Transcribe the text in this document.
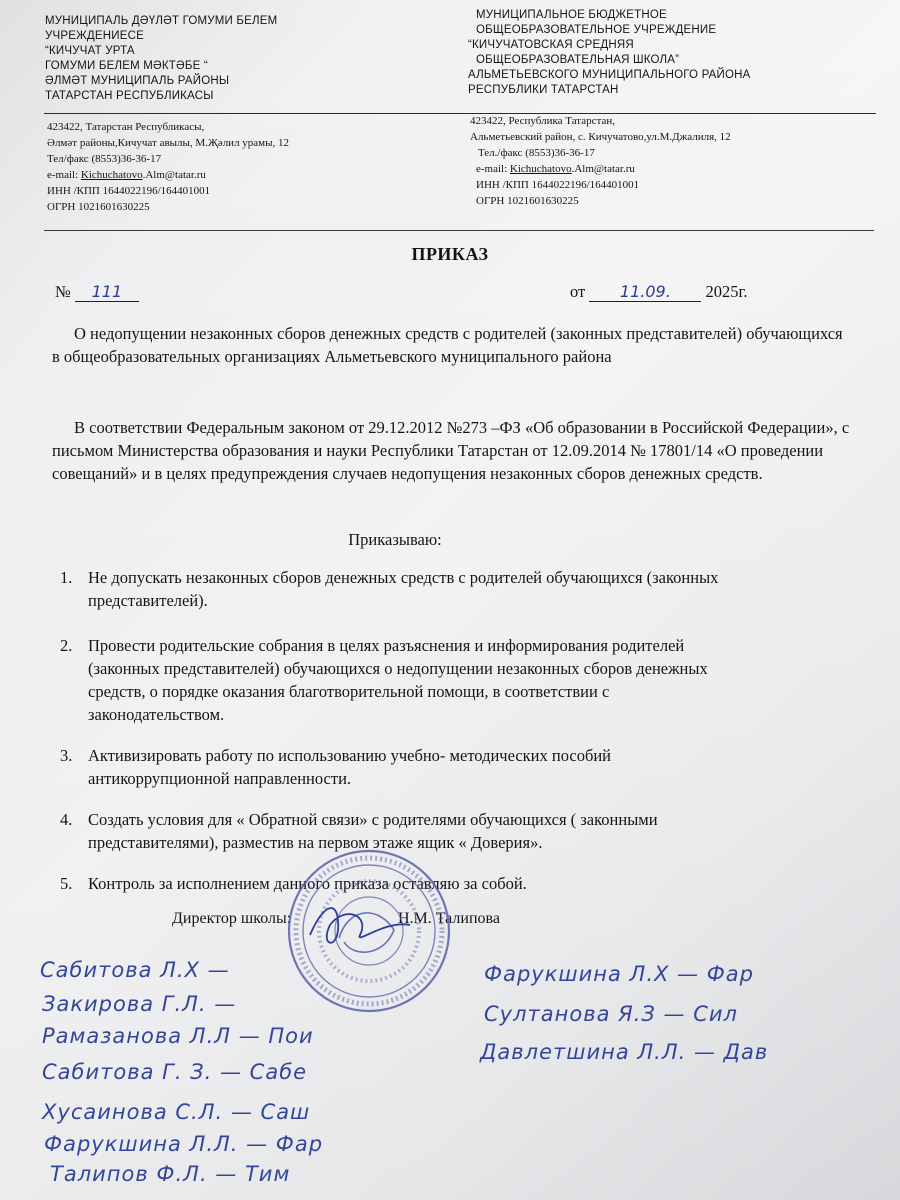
МУНИЦИПАЛЬ ДӘҮЛӘТ ГОМУМИ БЕЛЕМ
УЧРЕЖДЕНИЕСЕ
“КИЧУЧАТ УРТА
ГОМУМИ БЕЛЕМ МӘКТӘБЕ “
ӘЛМӘТ МУНИЦИПАЛЬ РАЙОНЫ
ТАТАРСТАН РЕСПУБЛИКАСЫ
МУНИЦИПАЛЬНОЕ БЮДЖЕТНОЕ
ОБЩЕОБРАЗОВАТЕЛЬНОЕ УЧРЕЖДЕНИЕ
“КИЧУЧАТОВСКАЯ СРЕДНЯЯ
ОБЩЕОБРАЗОВАТЕЛЬНАЯ ШКОЛА”
АЛЬМЕТЬЕВСКОГО МУНИЦИПАЛЬНОГО РАЙОНА
РЕСПУБЛИКИ ТАТАРСТАН
423422, Татарстан Республикасы,
Әлмәт районы,Кичучат авылы, М.Җәлил урамы, 12
Тел/факс (8553)36-36-17
e-mail: Kichuchatovo.Alm@tatar.ru
ИНН /КПП 1644022196/164401001
ОГРН 1021601630225
423422, Республика Татарстан,
Альметьевский район, с. Кичучатово,ул.М.Джалиля, 12
Тел./факс (8553)36-36-17
e-mail: Kichuchatovo.Alm@tatar.ru
ИНН /КПП 1644022196/164401001
ОГРН 1021601630225
ПРИКАЗ
№ 111	от 11.09. 2025г.
О недопущении незаконных сборов денежных средств с родителей (законных представителей) обучающихся в общеобразовательных организациях Альметьевского муниципального района
В соответствии Федеральным законом от 29.12.2012 №273 –ФЗ «Об образовании в Российской Федерации», с письмом Министерства образования и науки Республики Татарстан от 12.09.2014 № 17801/14 «О проведении совещаний» и в целях предупреждения случаев недопущения незаконных сборов денежных средств.
Приказываю:
1. Не допускать незаконных сборов денежных средств с родителей обучающихся (законных
представителей).
2. Провести родительские собрания в целях разъяснения и информирования родителей
(законных представителей) обучающихся о недопущении незаконных сборов денежных
средств, о порядке оказания благотворительной помощи, в соответствии с
законодательством.
3. Активизировать работу по использованию учебно- методических пособий
антикоррупционной направленности.
4. Создать условия для « Обратной связи» с родителями обучающихся ( законными
представителями), разместив на первом этаже ящик « Доверия».
5. Контроль за исполнением данного приказа оставляю за собой.
Директор школы:	Н.М. Талипова
Сабитова Л.Х —
Закирова Г.Л. —
Рамазанова Л.Л — Пои
Сабитова Г. З. — Сабе
Хусаинова С.Л. — Саш
Фарукшина Л.Л. — Фар
Талипов Ф.Л. — Тим
Фарукшина Л.Х — Фар
Султанова Я.З — Сил
Давлетшина Л.Л. — Дав
